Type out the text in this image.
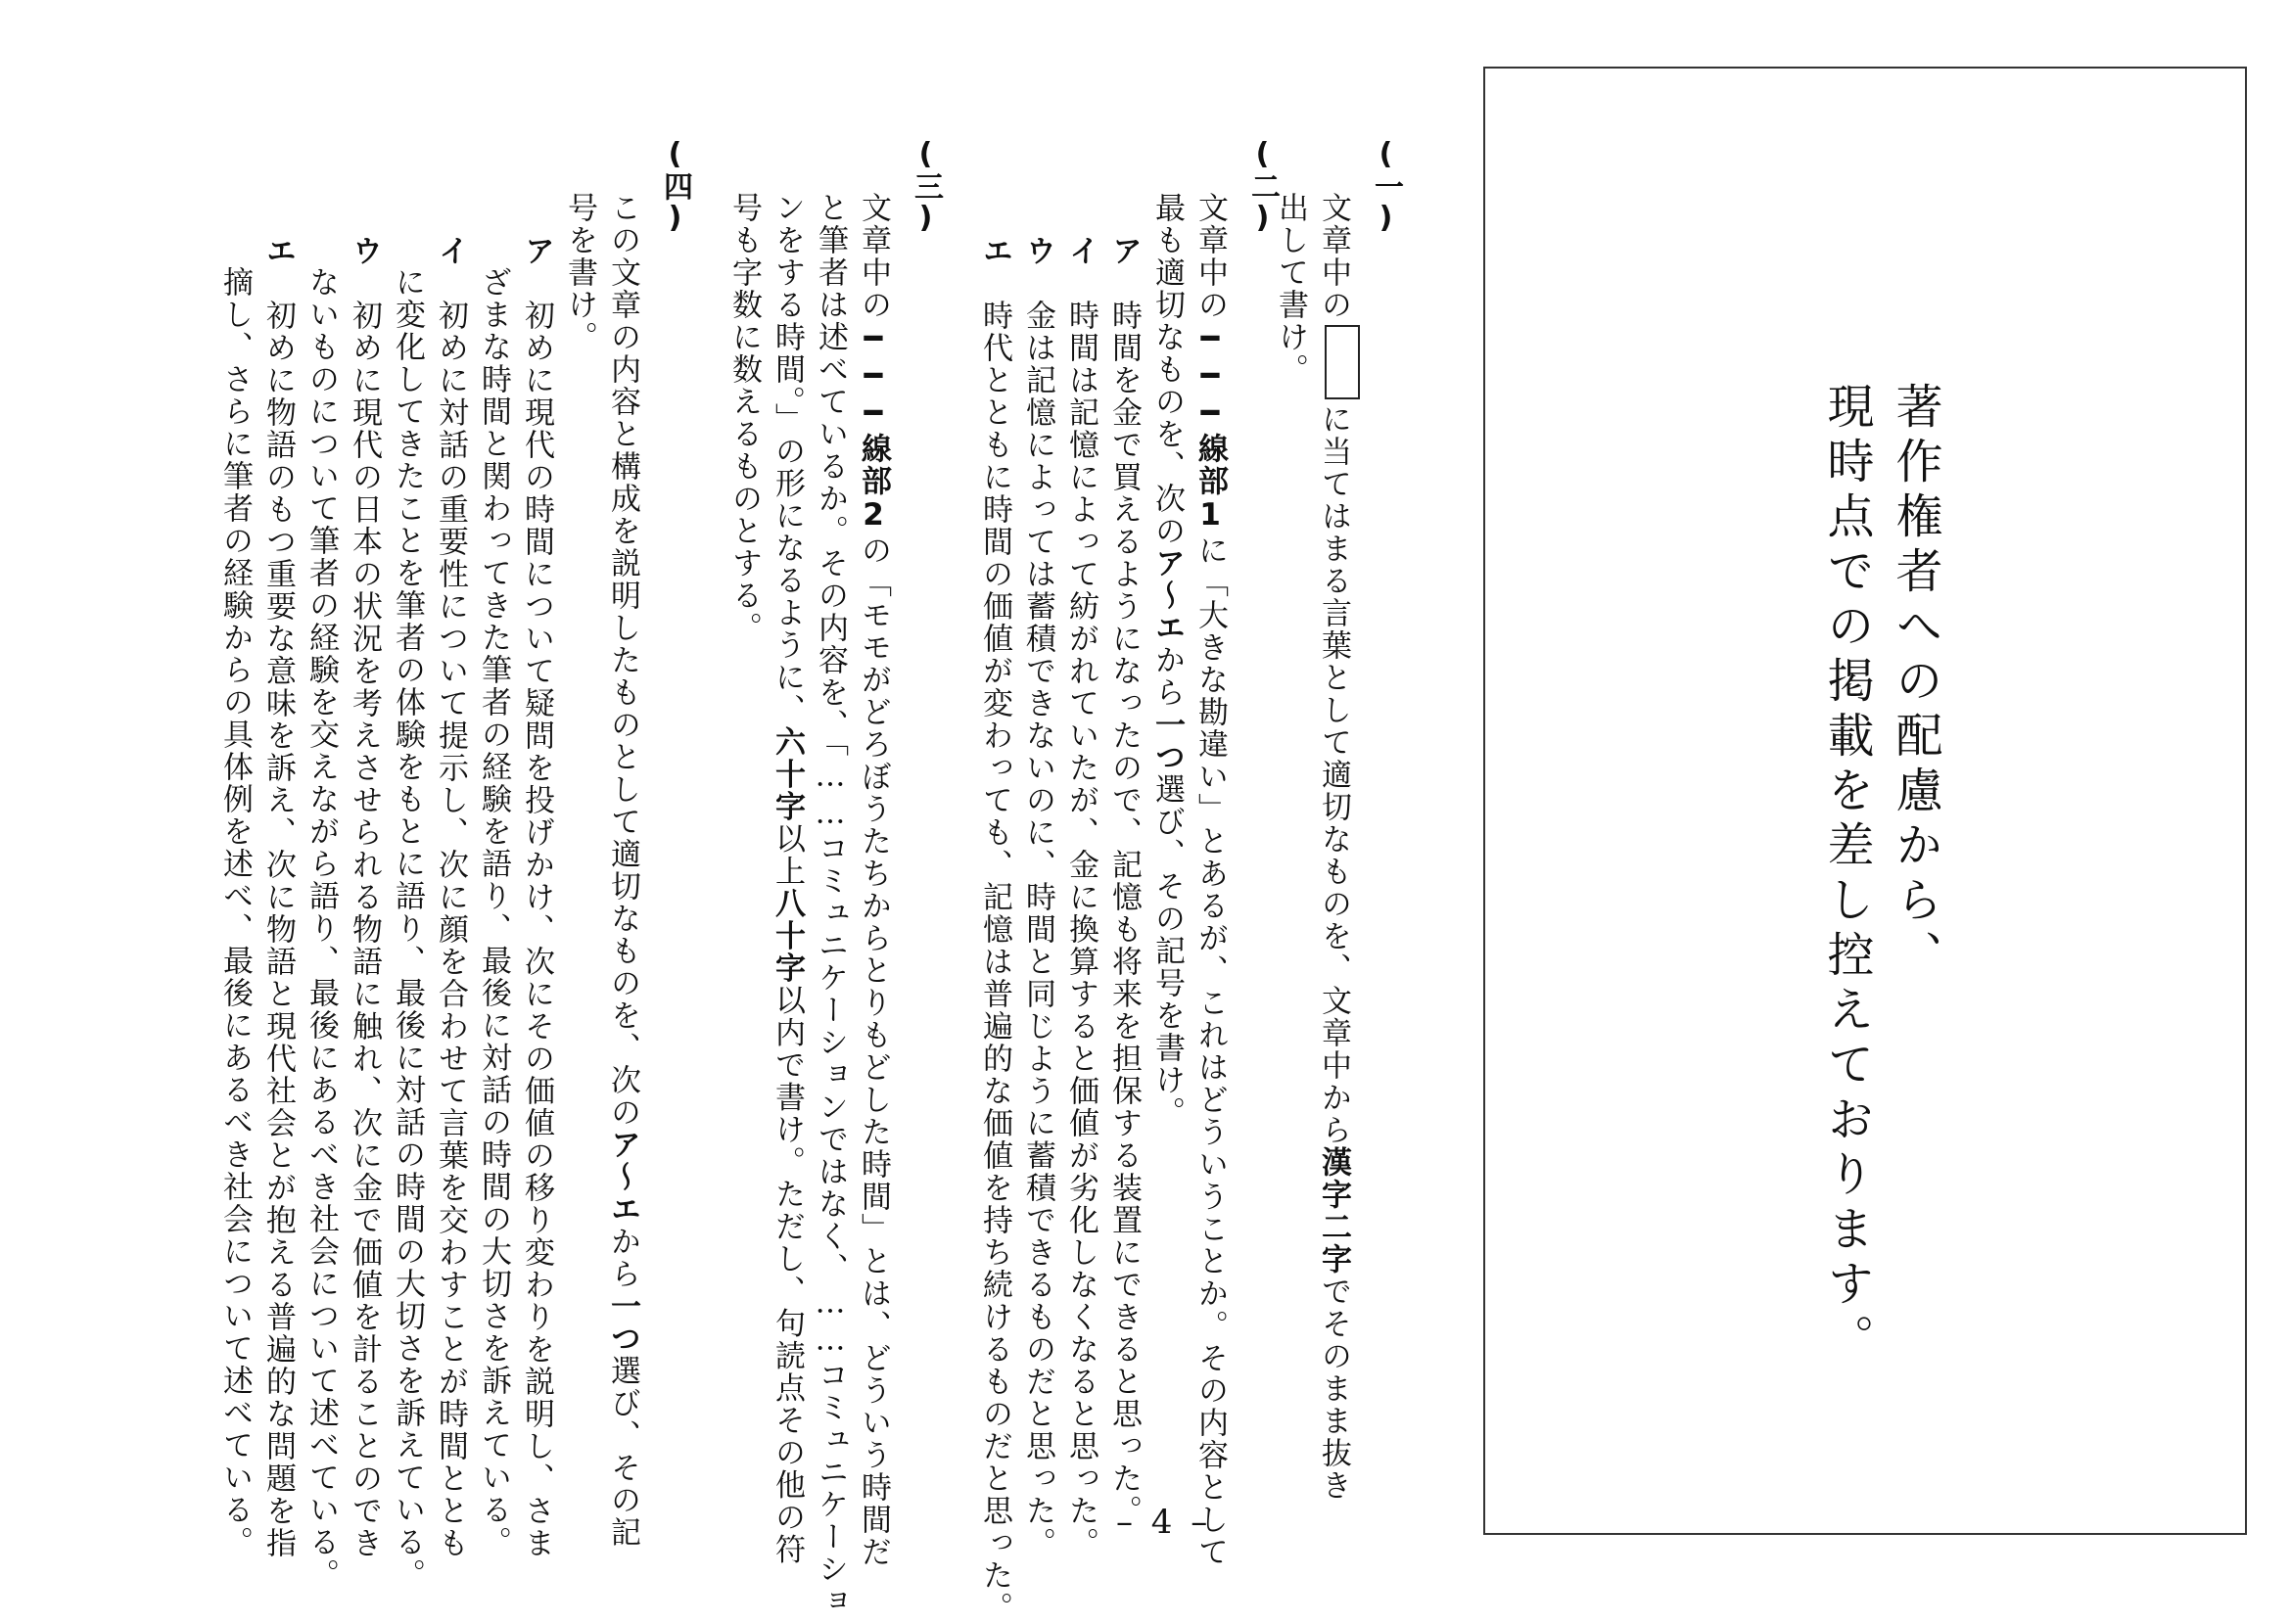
(一)
文章中のに当てはまる言葉として適切なものを、文章中から漢字二字でそのまま抜き
出して書け。
(二)
文章中の━━━線部1に「大きな勘違い」とあるが、これはどういうことか。その内容として
最も適切なものを、次のア～エから一つ選び、その記号を書け。
ア　時間を金で買えるようになったので、記憶も将来を担保する装置にできると思った。
イ　時間は記憶によって紡がれていたが、金に換算すると価値が劣化しなくなると思った。
ウ　金は記憶によっては蓄積できないのに、時間と同じように蓄積できるものだと思った。
エ　時代とともに時間の価値が変わっても、記憶は普遍的な価値を持ち続けるものだと思った。
(三)
文章中の━━━線部2の「モモがどろぼうたちからとりもどした時間」とは、どういう時間だ
と筆者は述べているか。その内容を、「……コミュニケーションではなく、……コミュニケーショ
ンをする時間。」の形になるように、六十字以上八十字以内で書け。ただし、句読点その他の符
号も字数に数えるものとする。
(四)
この文章の内容と構成を説明したものとして適切なものを、次のア～エから一つ選び、その記
号を書け。
ア　初めに現代の時間について疑問を投げかけ、次にその価値の移り変わりを説明し、さま
ざまな時間と関わってきた筆者の経験を語り、最後に対話の時間の大切さを訴えている。
イ　初めに対話の重要性について提示し、次に顔を合わせて言葉を交わすことが時間ととも
に変化してきたことを筆者の体験をもとに語り、最後に対話の時間の大切さを訴えている。
ウ　初めに現代の日本の状況を考えさせられる物語に触れ、次に金で価値を計ることのでき
ないものについて筆者の経験を交えながら語り、最後にあるべき社会について述べている。
エ　初めに物語のもつ重要な意味を訴え、次に物語と現代社会とが抱える普遍的な問題を指
摘し、さらに筆者の経験からの具体例を述べ、最後にあるべき社会について述べている。	– 4 –
著作権者への配慮から、
現時点での掲載を差し控えております。
